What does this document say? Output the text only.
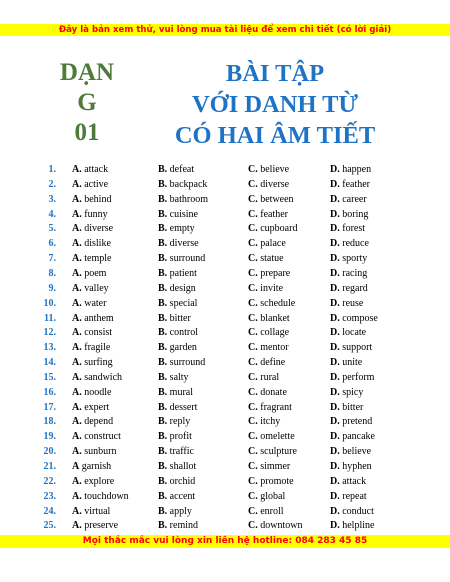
Đây là bản xem thử, vui lòng mua tài liệu để xem chi tiết (có lời giải)
DẠN
G
01
BÀI TẬP
VỚI DANH TỪ
CÓ HAI ÂM TIẾT
1. A. attack	B. defeat	C. believe	D. happen
2. A. active	B. backpack	C. diverse	D. feather
3. A. behind	B. bathroom	C. between	D. career
4. A. funny	B. cuisine	C. feather	D. boring
5. A. diverse	B. empty	C. cupboard	D. forest
6. A. dislike	B. diverse	C. palace	D. reduce
7. A. temple	B. surround	C. statue	D. sporty
8. A. poem	B. patient	C. prepare	D. racing
9. A. valley	B. design	C. invite	D. regard
10. A. water	B. special	C. schedule	D. reuse
11. A. anthem	B. bitter	C. blanket	D. compose
12. A. consist	B. control	C. collage	D. locate
13. A. fragile	B. garden	C. mentor	D. support
14. A. surfing	B. surround	C. define	D. unite
15. A. sandwich	B. salty	C. rural	D. perform
16. A. noodle	B. mural	C. donate	D. spicy
17. A. expert	B. dessert	C. fragrant	D. bitter
18. A. depend	B. reply	C. itchy	D. pretend
19. A. construct	B. profit	C. omelette	D. pancake
20. A. sunburn	B. traffic	C. sculpture	D. believe
21. A garnish	B. shallot	C. simmer	D. hyphen
22. A. explore	B. orchid	C. promote	D. attack
23. A. touchdown	B. accent	C. global	D. repeat
24. A. virtual	B. apply	C. enroll	D. conduct
25. A. preserve	B. remind	C. downtown	D. helpline
Mọi thắc mắc vui lòng xin liên hệ hotline: 084 283 45 85
